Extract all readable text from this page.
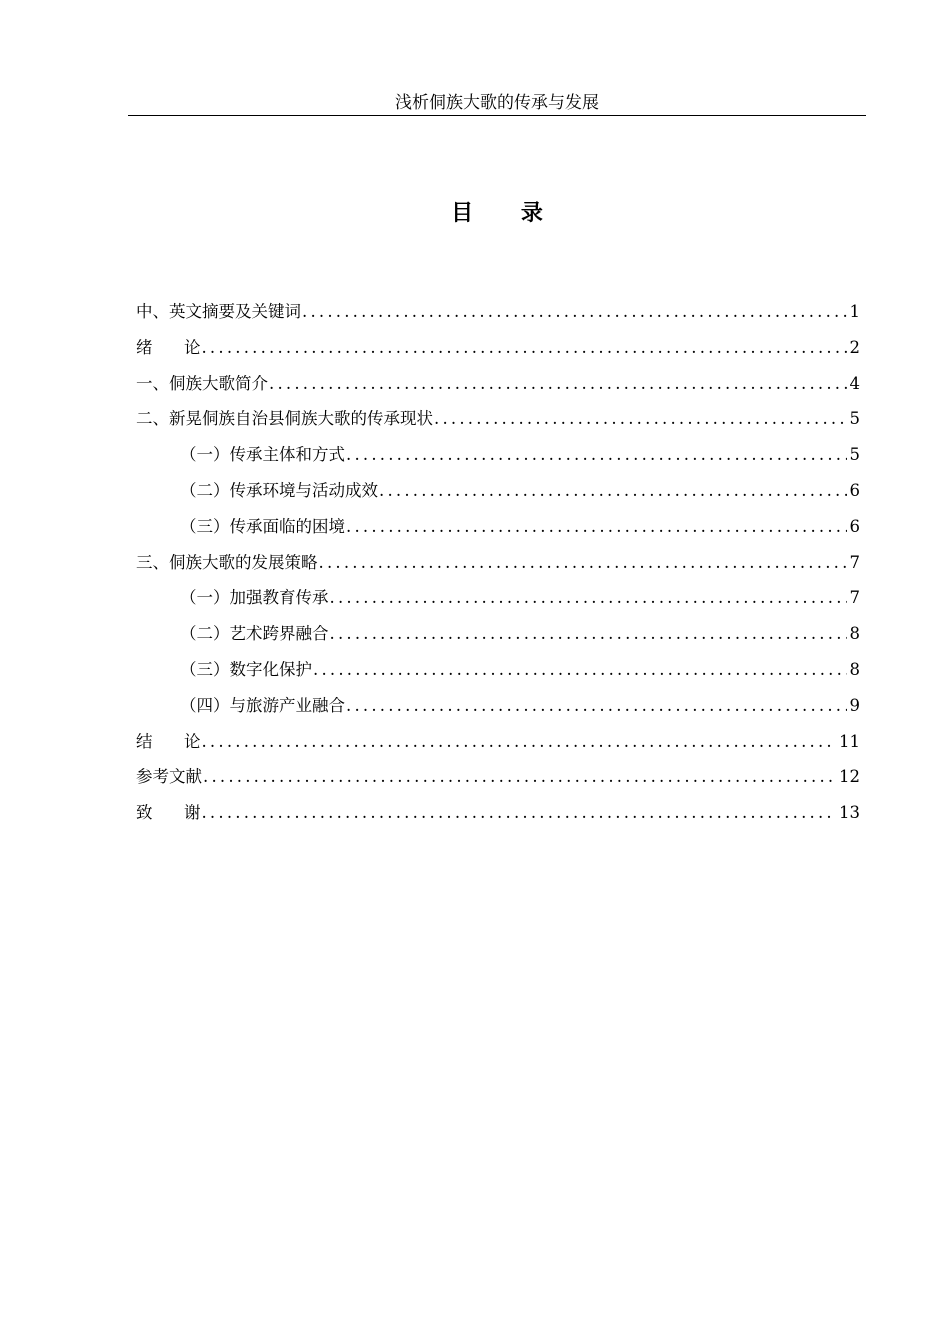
浅析侗族大歌的传承与发展
目 录
中、英文摘要及关键词 .....	1
绪      论 .....	2
一、侗族大歌简介 .....	4
二、新晃侗族自治县侗族大歌的传承现状 .....	5
（一）传承主体和方式 .....	5
（二）传承环境与活动成效 .....	6
（三）传承面临的困境 .....	6
三、侗族大歌的发展策略 .....	7
（一）加强教育传承 .....	7
（二）艺术跨界融合 .....	8
（三）数字化保护 .....	8
（四）与旅游产业融合 .....	9
结      论 .....	11
参考文献 .....	12
致      谢 .....	13
